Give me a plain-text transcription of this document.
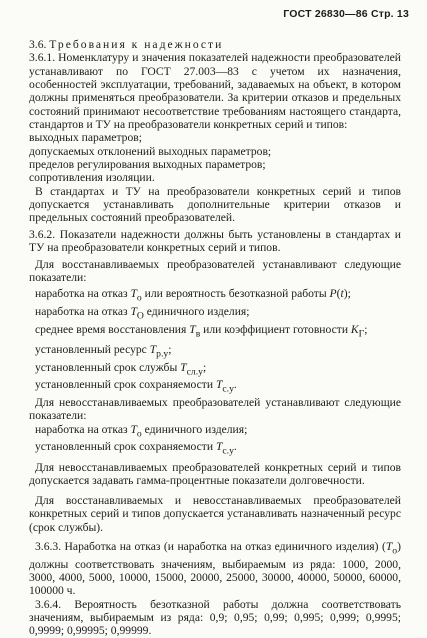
ГОСТ 26830—86 Стр. 13

3.6. Требования к надежности

3.6.1. Номенклатуру и значения показателей надежности преобразователей устанавливают по ГОСТ 27.003—83 с учетом их назначения, особенностей эксплуатации, требований, задаваемых на объект, в котором должны применяться преобразователи. За критерии отказов и предельных состояний принимают несоответствие требованиям настоящего стандарта, стандартов и ТУ на преобразователи конкретных серий и типов:

выходных параметров;

допускаемых отклонений выходных параметров;

пределов регулирования выходных параметров;

сопротивления изоляции.

В стандартах и ТУ на преобразователи конкретных серий и типов допускается устанавливать дополнительные критерии отказов и предельных состояний преобразователей.

3.6.2. Показатели надежности должны быть установлены в стандартах и ТУ на преобразователи конкретных серий и типов.

Для восстанавливаемых преобразователей устанавливают следующие показатели:

наработка на отказ $T_о$ или вероятность безотказной работы P(t);

наработка на отказ $T_О$ единичного изделия;

среднее время восстановления $T_в$ или коэффициент готовности $K_Г$;

установленный ресурс $T_{р.у}$;

установленный срок службы $T_{сл.у}$;

установленный срок сохраняемости $T_{с.у}$.

Для невосстанавливаемых преобразователей устанавливают следующие показатели:

наработка на отказ $T_о$ единичного изделия;

установленный срок сохраняемости $T_{с.у}$.

Для невосстанавливаемых преобразователей конкретных серий и типов допускается задавать гамма-процентные показатели долговечности.

Для восстанавливаемых и невосстанавливаемых преобразователей конкретных серий и типов допускается устанавливать назначенный ресурс (срок службы).

3.6.3. Наработка на отказ (и наработка на отказ единичного изделия) $(T_о)$ должны соответствовать значениям, выбираемым из ряда: 1000, 2000, 3000, 4000, 5000, 10000, 15000, 20000, 25000, 30000, 40000, 50000, 60000, 100000 ч.

3.6.4. Вероятность безотказной работы должна соответствовать значениям, выбираемым из ряда: 0,9; 0,95; 0,99; 0,995; 0,999; 0,9995; 0,9999; 0,99995; 0,99999.
